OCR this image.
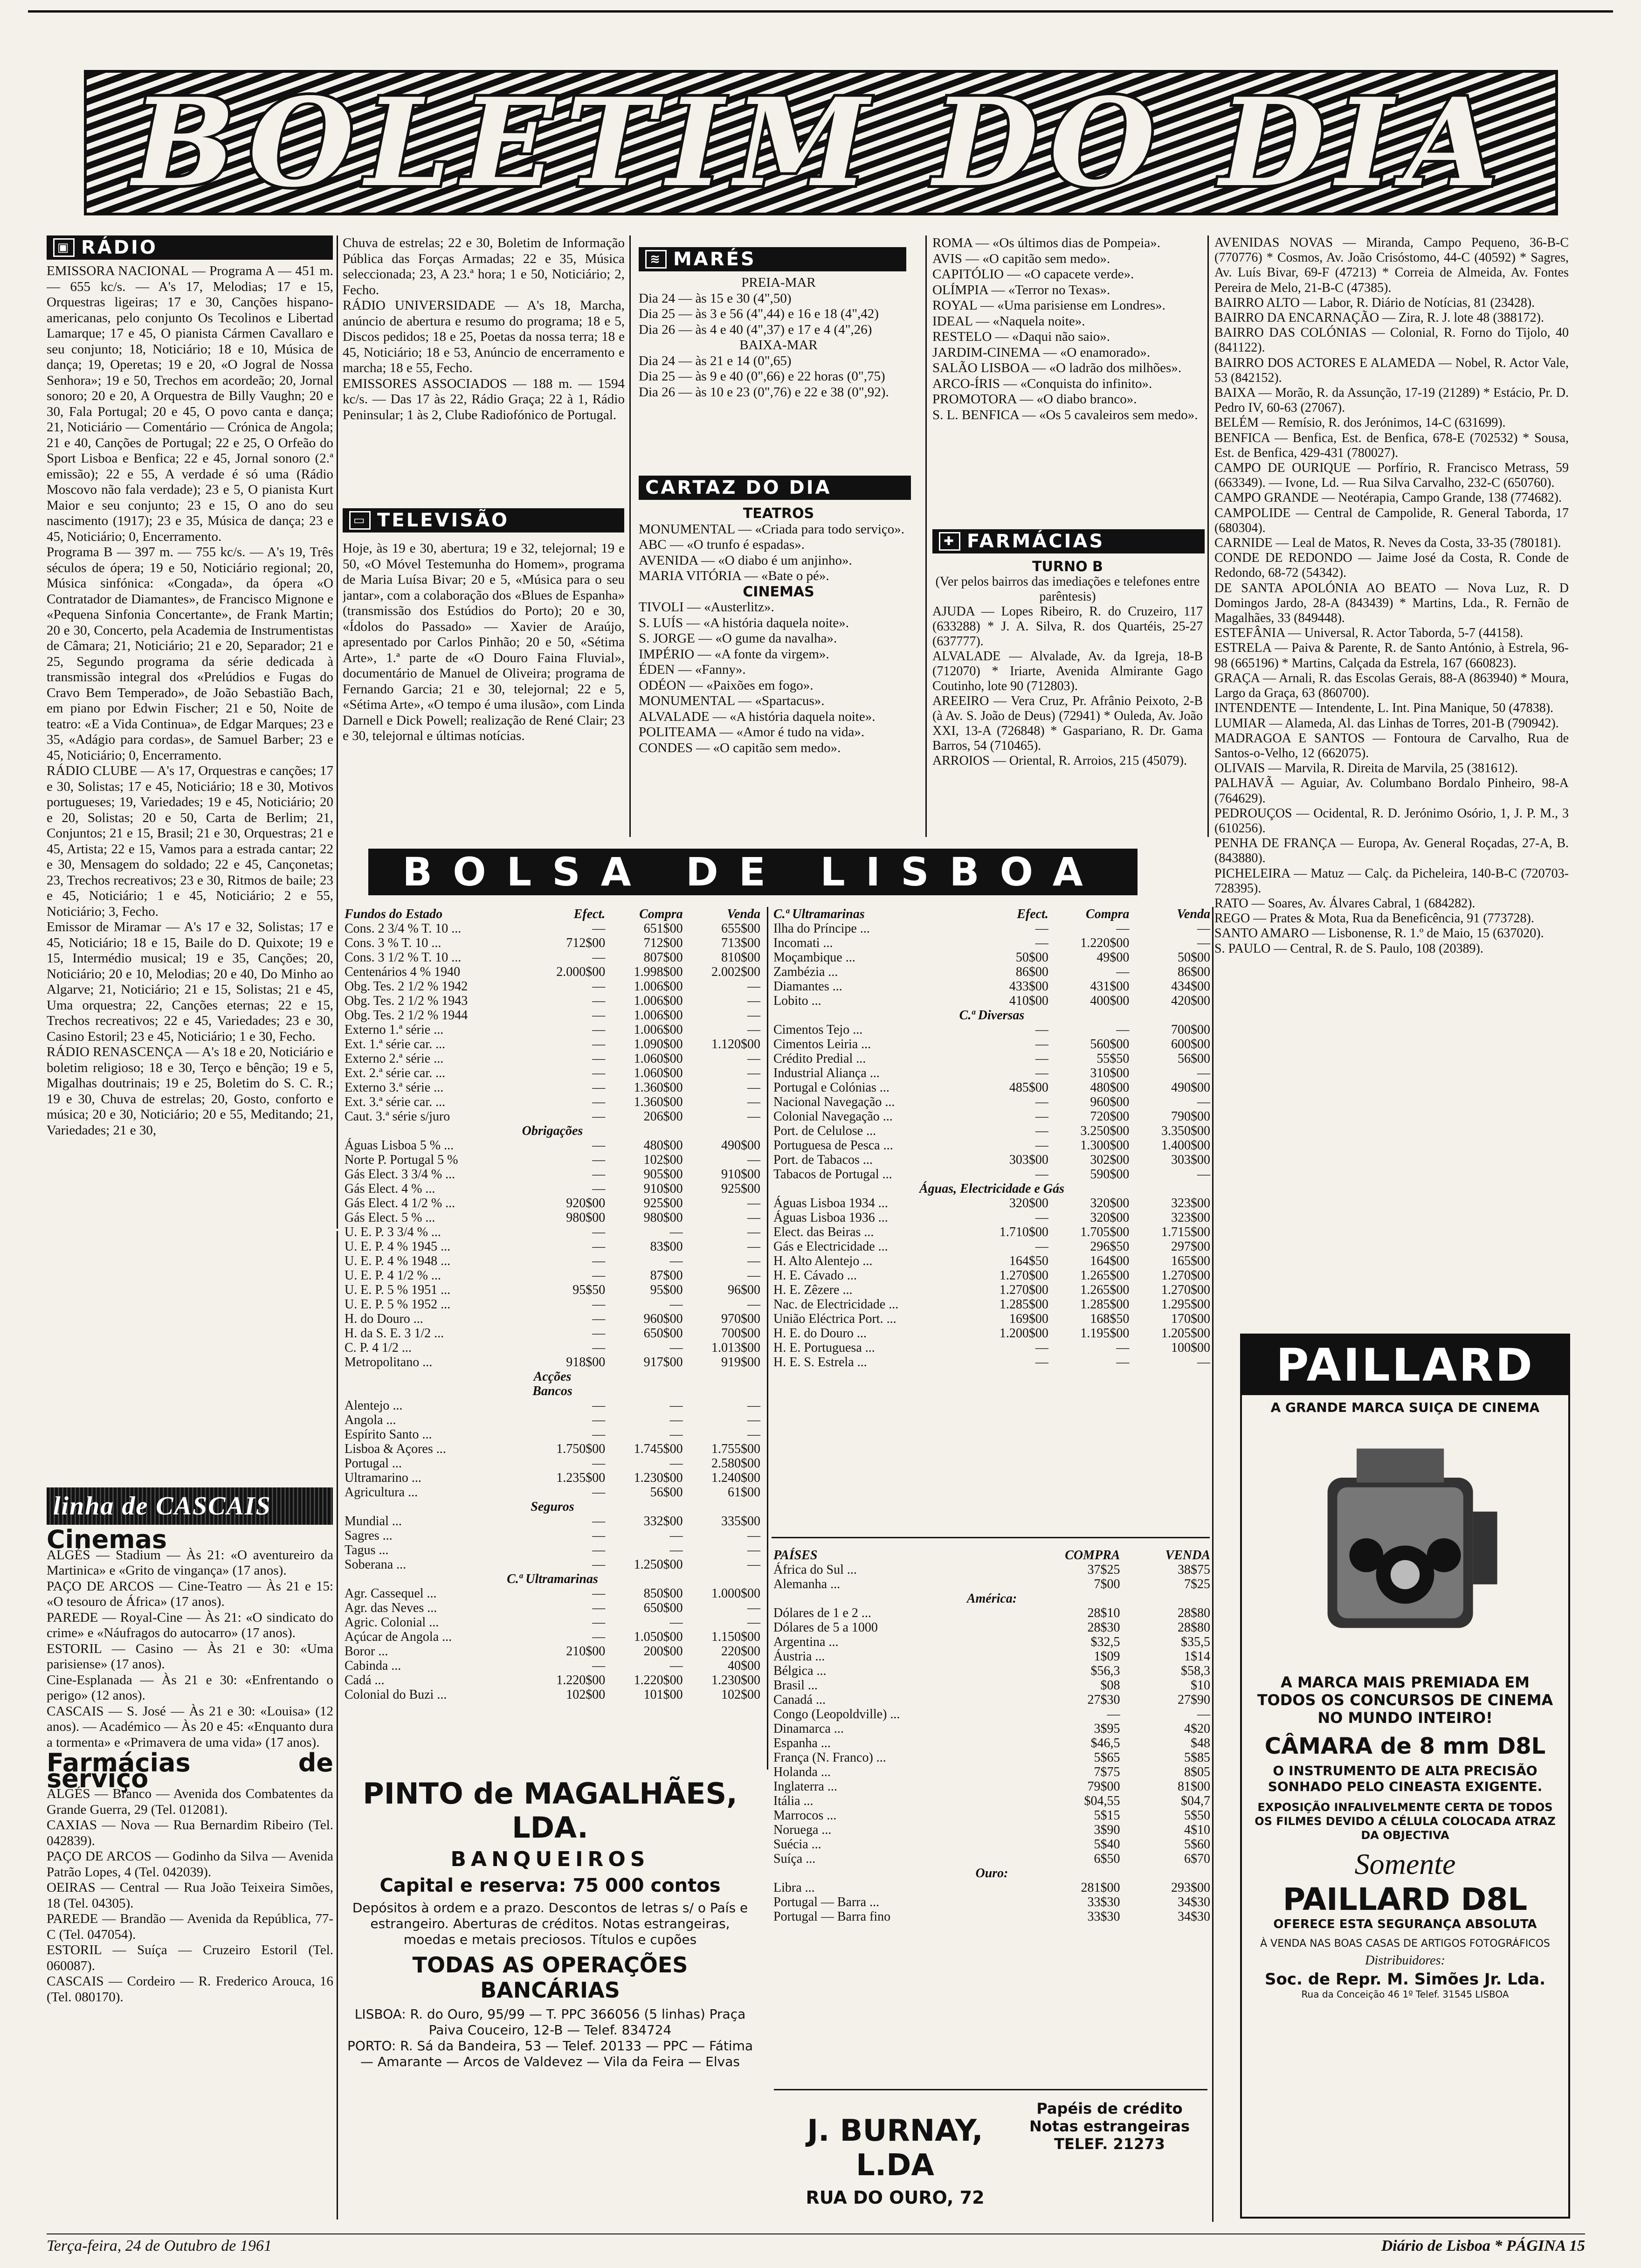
BOLETIM DO DIA
▣ RÁDIO

EMISSORA NACIONAL — Programa A — 451 m. — 655 kc/s. — A's 17, Melodias; 17 e 15, Orquestras ligeiras; 17 e 30, Canções hispano-americanas, pelo conjunto Os Tecolinos e Libertad Lamarque; 17 e 45, O pianista Cármen Cavallaro e seu conjunto; 18, Noticiário; 18 e 10, Música de dança; 19, Operetas; 19 e 20, «O Jogral de Nossa Senhora»; 19 e 50, Trechos em acordeão; 20, Jornal sonoro; 20 e 20, A Orquestra de Billy Vaughn; 20 e 30, Fala Portugal; 20 e 45, O povo canta e dança; 21, Noticiário — Comentário — Crónica de Angola; 21 e 40, Canções de Portugal; 22 e 25, O Orfeão do Sport Lisboa e Benfica; 22 e 45, Jornal sonoro (2.ª emissão); 22 e 55, A verdade é só uma (Rádio Moscovo não fala verdade); 23 e 5, O pianista Kurt Maior e seu conjunto; 23 e 15, O ano do seu nascimento (1917); 23 e 35, Música de dança; 23 e 45, Noticiário; 0, Encerramento.

Programa B — 397 m. — 755 kc/s. — A's 19, Três séculos de ópera; 19 e 50, Noticiário regional; 20, Música sinfónica: «Congada», da ópera «O Contratador de Diamantes», de Francisco Mignone e «Pequena Sinfonia Concertante», de Frank Martin; 20 e 30, Concerto, pela Academia de Instrumentistas de Câmara; 21, Noticiário; 21 e 20, Separador; 21 e 25, Segundo programa da série dedicada à transmissão integral dos «Prelúdios e Fugas do Cravo Bem Temperado», de João Sebastião Bach, em piano por Edwin Fischer; 21 e 50, Noite de teatro: «E a Vida Continua», de Edgar Marques; 23 e 35, «Adágio para cordas», de Samuel Barber; 23 e 45, Noticiário; 0, Encerramento.

RÁDIO CLUBE — A's 17, Orquestras e canções; 17 e 30, Solistas; 17 e 45, Noticiário; 18 e 30, Motivos portugueses; 19, Variedades; 19 e 45, Noticiário; 20 e 20, Solistas; 20 e 50, Carta de Berlim; 21, Conjuntos; 21 e 15, Brasil; 21 e 30, Orquestras; 21 e 45, Artista; 22 e 15, Vamos para a estrada cantar; 22 e 30, Mensagem do soldado; 22 e 45, Cançonetas; 23, Trechos recreativos; 23 e 30, Ritmos de baile; 23 e 45, Noticiário; 1 e 45, Noticiário; 2 e 55, Noticiário; 3, Fecho.

Emissor de Miramar — A's 17 e 32, Solistas; 17 e 45, Noticiário; 18 e 15, Baile do D. Quixote; 19 e 15, Intermédio musical; 19 e 35, Canções; 20, Noticiário; 20 e 10, Melodias; 20 e 40, Do Minho ao Algarve; 21, Noticiário; 21 e 15, Solistas; 21 e 45, Uma orquestra; 22, Canções eternas; 22 e 15, Trechos recreativos; 22 e 45, Variedades; 23 e 30, Casino Estoril; 23 e 45, Noticiário; 1 e 30, Fecho.

RÁDIO RENASCENÇA — A's 18 e 20, Noticiário e boletim religioso; 18 e 30, Terço e bênção; 19 e 5, Migalhas doutrinais; 19 e 25, Boletim do S. C. R.; 19 e 30, Chuva de estrelas; 20, Gosto, conforto e música; 20 e 30, Noticiário; 20 e 55, Meditando; 21, Variedades; 21 e 30,

Chuva de estrelas; 22 e 30, Boletim de Informação Pública das Forças Armadas; 22 e 35, Música seleccionada; 23, A 23.ª hora; 1 e 50, Noticiário; 2, Fecho.

RÁDIO UNIVERSIDADE — A's 18, Marcha, anúncio de abertura e resumo do programa; 18 e 5, Discos pedidos; 18 e 25, Poetas da nossa terra; 18 e 45, Noticiário; 18 e 53, Anúncio de encerramento e marcha; 18 e 55, Fecho.

EMISSORES ASSOCIADOS — 188 m. — 1594 kc/s. — Das 17 às 22, Rádio Graça; 22 à 1, Rádio Peninsular; 1 às 2, Clube Radiofónico de Portugal.

▭ TELEVISÃO

Hoje, às 19 e 30, abertura; 19 e 32, telejornal; 19 e 50, «O Móvel Testemunha do Homem», programa de Maria Luísa Bivar; 20 e 5, «Música para o seu jantar», com a colaboração dos «Blues de Espanha» (transmissão dos Estúdios do Porto); 20 e 30, «Ídolos do Passado» — Xavier de Araújo, apresentado por Carlos Pinhão; 20 e 50, «Sétima Arte», 1.ª parte de «O Douro Faina Fluvial», documentário de Manuel de Oliveira; programa de Fernando Garcia; 21 e 30, telejornal; 22 e 5, «Sétima Arte», «O tempo é uma ilusão», com Linda Darnell e Dick Powell; realização de René Clair; 23 e 30, telejornal e últimas notícias.

≋ MARÉS

PREIA-MAR

Dia 24 — às 15 e 30 (4",50)

Dia 25 — às 3 e 56 (4",44) e 16 e 18 (4",42)

Dia 26 — às 4 e 40 (4",37) e 17 e 4 (4",26)

BAIXA-MAR

Dia 24 — às 21 e 14 (0",65)

Dia 25 — às 9 e 40 (0",66) e 22 horas (0",75)

Dia 26 — às 10 e 23 (0",76) e 22 e 38 (0",92).

CARTAZ DO DIA

TEATROS

MONUMENTAL — «Criada para todo serviço».

ABC — «O trunfo é espadas».

AVENIDA — «O diabo é um anjinho».

MARIA VITÓRIA — «Bate o pé».

CINEMAS

TIVOLI — «Austerlitz».

S. LUÍS — «A história daquela noite».

S. JORGE — «O gume da navalha».

IMPÉRIO — «A fonte da virgem».

ÉDEN — «Fanny».

ODÉON — «Paixões em fogo».

MONUMENTAL — «Spartacus».

ALVALADE — «A história daquela noite».

POLITEAMA — «Amor é tudo na vida».

CONDES — «O capitão sem medo».

ROMA — «Os últimos dias de Pompeia».

AVIS — «O capitão sem medo».

CAPITÓLIO — «O capacete verde».

OLÍMPIA — «Terror no Texas».

ROYAL — «Uma parisiense em Londres».

IDEAL — «Naquela noite».

RESTELO — «Daqui não saio».

JARDIM-CINEMA — «O enamorado».

SALÃO LISBOA — «O ladrão dos milhões».

ARCO-ÍRIS — «Conquista do infinito».

PROMOTORA — «O diabo branco».

S. L. BENFICA — «Os 5 cavaleiros sem medo».

✚ FARMÁCIAS

TURNO B

(Ver pelos bairros das imediações e telefones entre parêntesis)

AJUDA — Lopes Ribeiro, R. do Cruzeiro, 117 (633288) * J. A. Silva, R. dos Quartéis, 25-27 (637777).

ALVALADE — Alvalade, Av. da Igreja, 18-B (712070) * Iriarte, Avenida Almirante Gago Coutinho, lote 90 (712803).

AREEIRO — Vera Cruz, Pr. Afrânio Peixoto, 2-B (à Av. S. João de Deus) (72941) * Ouleda, Av. João XXI, 13-A (726848) * Gaspariano, R. Dr. Gama Barros, 54 (710465).

ARROIOS — Oriental, R. Arroios, 215 (45079).

AVENIDAS NOVAS — Miranda, Campo Pequeno, 36-B-C (770776) * Cosmos, Av. João Crisóstomo, 44-C (40592) * Sagres, Av. Luís Bivar, 69-F (47213) * Correia de Almeida, Av. Fontes Pereira de Melo, 21-B-C (47385).

BAIRRO ALTO — Labor, R. Diário de Notícias, 81 (23428).

BAIRRO DA ENCARNAÇÃO — Zira, R. J. lote 48 (388172).

BAIRRO DAS COLÓNIAS — Colonial, R. Forno do Tijolo, 40 (841122).

BAIRRO DOS ACTORES E ALAMEDA — Nobel, R. Actor Vale, 53 (842152).

BAIXA — Morão, R. da Assunção, 17-19 (21289) * Estácio, Pr. D. Pedro IV, 60-63 (27067).

BELÉM — Remísio, R. dos Jerónimos, 14-C (631699).

BENFICA — Benfica, Est. de Benfica, 678-E (702532) * Sousa, Est. de Benfica, 429-431 (780027).

CAMPO DE OURIQUE — Porfírio, R. Francisco Metrass, 59 (663349). — Ivone, Ld. — Rua Silva Carvalho, 232-C (650760).

CAMPO GRANDE — Neotérapia, Campo Grande, 138 (774682).

CAMPOLIDE — Central de Campolide, R. General Taborda, 17 (680304).

CARNIDE — Leal de Matos, R. Neves da Costa, 33-35 (780181).

CONDE DE REDONDO — Jaime José da Costa, R. Conde de Redondo, 68-72 (54342).

DE SANTA APOLÓNIA AO BEATO — Nova Luz, R. D Domingos Jardo, 28-A (843439) * Martins, Lda., R. Fernão de Magalhães, 33 (849448).

ESTEFÂNIA — Universal, R. Actor Taborda, 5-7 (44158).

ESTRELA — Paiva & Parente, R. de Santo António, à Estrela, 96-98 (665196) * Martins, Calçada da Estrela, 167 (660823).

GRAÇA — Arnali, R. das Escolas Gerais, 88-A (863940) * Moura, Largo da Graça, 63 (860700).

INTENDENTE — Intendente, L. Int. Pina Manique, 50 (47838).

LUMIAR — Alameda, Al. das Linhas de Torres, 201-B (790942).

MADRAGOA E SANTOS — Fontoura de Carvalho, Rua de Santos-o-Velho, 12 (662075).

OLIVAIS — Marvila, R. Direita de Marvila, 25 (381612).

PALHAVÃ — Aguiar, Av. Columbano Bordalo Pinheiro, 98-A (764629).

PEDROUÇOS — Ocidental, R. D. Jerónimo Osório, 1, J. P. M., 3 (610256).

PENHA DE FRANÇA — Europa, Av. General Roçadas, 27-A, B. (843880).

PICHELEIRA — Matuz — Calç. da Picheleira, 140-B-C (720703-728395).

RATO — Soares, Av. Álvares Cabral, 1 (684282).

REGO — Prates & Mota, Rua da Beneficência, 91 (773728).

SANTO AMARO — Lisbonense, R. 1.º de Maio, 15 (637020).

S. PAULO — Central, R. de S. Paulo, 108 (20389).

BOLSA DE LISBOA
Fundos do Estado	Efect.	Compra	Venda
Cons. 2 3/4 % T. 10 ...	—	651$00	655$00
Cons. 3 % T. 10 ...	712$00	712$00	713$00
Cons. 3 1/2 % T. 10 ...	—	807$00	810$00
Centenários 4 % 1940	2.000$00	1.998$00	2.002$00
Obg. Tes. 2 1/2 % 1942	—	1.006$00	—
Obg. Tes. 2 1/2 % 1943	—	1.006$00	—
Obg. Tes. 2 1/2 % 1944	—	1.006$00	—
Externo 1.ª série ...	—	1.006$00	—
Ext. 1.ª série car. ...	—	1.090$00	1.120$00
Externo 2.ª série ...	—	1.060$00	—
Ext. 2.ª série car. ...	—	1.060$00	—
Externo 3.ª série ...	—	1.360$00	—
Ext. 3.ª série car. ...	—	1.360$00	—
Caut. 3.ª série s/juro	—	206$00	—
Obrigações			
Águas Lisboa 5 % ...	—	480$00	490$00
Norte P. Portugal 5 %	—	102$00	—
Gás Elect. 3 3/4 % ...	—	905$00	910$00
Gás Elect. 4 % ...	—	910$00	925$00
Gás Elect. 4 1/2 % ...	920$00	925$00	—
Gás Elect. 5 % ...	980$00	980$00	—
U. E. P. 3 3/4 % ...	—	—	—
U. E. P. 4 % 1945 ...	—	83$00	—
U. E. P. 4 % 1948 ...	—	—	—
U. E. P. 4 1/2 % ...	—	87$00	—
U. E. P. 5 % 1951 ...	95$50	95$00	96$00
U. E. P. 5 % 1952 ...	—	—	—
H. do Douro ...	—	960$00	970$00
H. da S. E. 3 1/2 ...	—	650$00	700$00
C. P. 4 1/2 ...	—	—	1.013$00
Metropolitano ...	918$00	917$00	919$00
Acções			
Bancos			
Alentejo ...	—	—	—
Angola ...	—	—	—
Espírito Santo ...	—	—	—
Lisboa & Açores ...	1.750$00	1.745$00	1.755$00
Portugal ...	—	—	2.580$00
Ultramarino ...	1.235$00	1.230$00	1.240$00
Agricultura ...	—	56$00	61$00
Seguros			
Mundial ...	—	332$00	335$00
Sagres ...	—	—	—
Tagus ...	—	—	—
Soberana ...	—	1.250$00	—
C.ª Ultramarinas			
Agr. Cassequel ...	—	850$00	1.000$00
Agr. das Neves ...	—	650$00	—
Agric. Colonial ...	—	—	—
Açúcar de Angola ...	—	1.050$00	1.150$00
Boror ...	210$00	200$00	220$00
Cabinda ...	—	—	40$00
Cadá ...	1.220$00	1.220$00	1.230$00
Colonial do Buzi ...	102$00	101$00	102$00
C.ª Ultramarinas	Efect.	Compra	Venda
Ilha do Príncipe ...	—	—	—
Incomati ...	—	1.220$00	—
Moçambique ...	50$00	49$00	50$00
Zambézia ...	86$00	—	86$00
Diamantes ...	433$00	431$00	434$00
Lobito ...	410$00	400$00	420$00
C.ª Diversas			
Cimentos Tejo ...	—	—	700$00
Cimentos Leiria ...	—	560$00	600$00
Crédito Predial ...	—	55$50	56$00
Industrial Aliança ...	—	310$00	—
Portugal e Colónias ...	485$00	480$00	490$00
Nacional Navegação ...	—	960$00	—
Colonial Navegação ...	—	720$00	790$00
Port. de Celulose ...	—	3.250$00	3.350$00
Portuguesa de Pesca ...	—	1.300$00	1.400$00
Port. de Tabacos ...	303$00	302$00	303$00
Tabacos de Portugal ...	—	590$00	—
Águas, Electricidade e Gás			
Águas Lisboa 1934 ...	320$00	320$00	323$00
Águas Lisboa 1936 ...	—	320$00	323$00
Elect. das Beiras ...	1.710$00	1.705$00	1.715$00
Gás e Electricidade ...	—	296$50	297$00
H. Alto Alentejo ...	164$50	164$00	165$00
H. E. Cávado ...	1.270$00	1.265$00	1.270$00
H. E. Zêzere ...	1.270$00	1.265$00	1.270$00
Nac. de Electricidade ...	1.285$00	1.285$00	1.295$00
União Eléctrica Port. ...	169$00	168$50	170$00
H. E. do Douro ...	1.200$00	1.195$00	1.205$00
H. E. Portuguesa ...	—	—	100$00
H. E. S. Estrela ...	—	—	—
PAÍSES	COMPRA	VENDA
África do Sul ...	37$25	38$75
Alemanha ...	7$00	7$25
América:		
Dólares de 1 e 2 ...	28$10	28$80
Dólares de 5 a 1000	28$30	28$80
Argentina ...	$32,5	$35,5
Áustria ...	1$09	1$14
Bélgica ...	$56,3	$58,3
Brasil ...	$08	$10
Canadá ...	27$30	27$90
Congo (Leopoldville) ...	—	—
Dinamarca ...	3$95	4$20
Espanha ...	$46,5	$48
França (N. Franco) ...	5$65	5$85
Holanda ...	7$75	8$05
Inglaterra ...	79$00	81$00
Itália ...	$04,55	$04,7
Marrocos ...	5$15	5$50
Noruega ...	3$90	4$10
Suécia ...	5$40	5$60
Suíça ...	6$50	6$70
Ouro:		
Libra ...	281$00	293$00
Portugal — Barra ...	33$30	34$30
Portugal — Barra fino	33$30	34$30
linha de CASCAIS

Cinemas

ALGÉS — Stadium — Às 21: «O aventureiro da Martinica» e «Grito de vingança» (17 anos).

PAÇO DE ARCOS — Cine-Teatro — Às 21 e 15: «O tesouro de África» (17 anos).

PAREDE — Royal-Cine — Às 21: «O sindicato do crime» e «Náufragos do autocarro» (17 anos).

ESTORIL — Casino — Às 21 e 30: «Uma parisiense» (17 anos).

Cine-Esplanada — Às 21 e 30: «Enfrentando o perigo» (12 anos).

CASCAIS — S. José — Às 21 e 30: «Louisa» (12 anos). — Académico — Às 20 e 45: «Enquanto dura a tormenta» e «Primavera de uma vida» (17 anos).

Farmácias de serviço

ALGÉS — Branco — Avenida dos Combatentes da Grande Guerra, 29 (Tel. 012081).

CAXIAS — Nova — Rua Bernardim Ribeiro (Tel. 042839).

PAÇO DE ARCOS — Godinho da Silva — Avenida Patrão Lopes, 4 (Tel. 042039).

OEIRAS — Central — Rua João Teixeira Simões, 18 (Tel. 04305).

PAREDE — Brandão — Avenida da República, 77-C (Tel. 047054).

ESTORIL — Suíça — Cruzeiro Estoril (Tel. 060087).

CASCAIS — Cordeiro — R. Frederico Arouca, 16 (Tel. 080170).

PINTO de MAGALHÃES, LDA.
BANQUEIROS
Capital e reserva: 75 000 contos
Depósitos à ordem e a prazo. Descontos de letras s/ o País e estrangeiro. Aberturas de créditos. Notas estrangeiras, moedas e metais preciosos. Títulos e cupões
TODAS AS OPERAÇÕES BANCÁRIAS
LISBOA: R. do Ouro, 95/99 — T. PPC 366056 (5 linhas) Praça Paiva Couceiro, 12-B — Telef. 834724
PORTO: R. Sá da Bandeira, 53 — Telef. 20133 — PPC — Fátima — Amarante — Arcos de Valdevez — Vila da Feira — Elvas
J. BURNAY, L.DA
RUA DO OURO, 72
Papéis de crédito Notas estrangeiras
TELEF. 21273
PAILLARD
A GRANDE MARCA SUIÇA DE CINEMA
A MARCA MAIS PREMIADA EM TODOS OS CONCURSOS DE CINEMA NO MUNDO INTEIRO!
CÂMARA de 8 mm D8L
O INSTRUMENTO DE ALTA PRECISÃO SONHADO PELO CINEASTA EXIGENTE.
EXPOSIÇÃO INFALIVELMENTE CERTA DE TODOS OS FILMES DEVIDO A CÉLULA COLOCADA ATRAZ DA OBJECTIVA
Somente
PAILLARD D8L
OFERECE ESTA SEGURANÇA ABSOLUTA
À VENDA NAS BOAS CASAS DE ARTIGOS FOTOGRÁFICOS
Distribuidores:
Soc. de Repr. M. Simões Jr. Lda.
Rua da Conceição 46 1º Telef. 31545 LISBOA
Terça-feira, 24 de Outubro de 1961	Diário de Lisboa * PÁGINA 15
